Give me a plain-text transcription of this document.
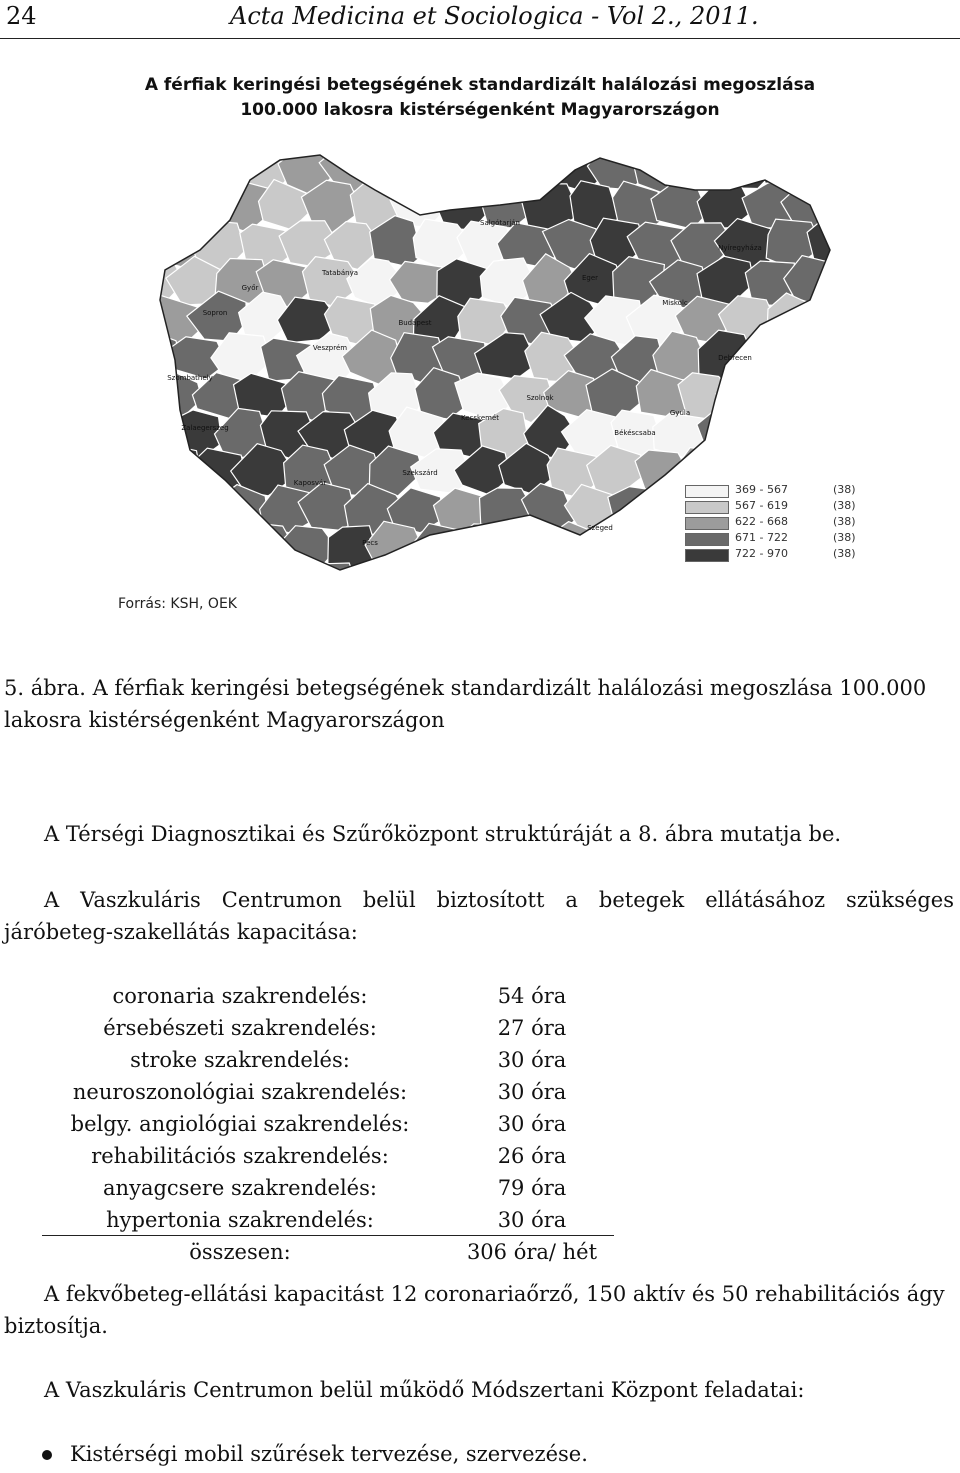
24	Acta Medicina et Sociologica - Vol 2., 2011.
A férfiak keringési betegségének standardizált halálozási megoszlása
100.000 lakosra kistérségenként Magyarországon
Budapest
Szeged
Pécs
Győr
Miskolc
Debrecen
Sopron
Kecskemét
Szombathely
Nyíregyháza
Eger
Szolnok
Békéscsaba
Kaposvár
Veszprém
Zalaegerszeg
Tatabánya
Salgótarján
Szekszárd
Gyula
369 - 567	(38)
567 - 619	(38)
622 - 668	(38)
671 - 722	(38)
722 - 970	(38)
Forrás: KSH, OEK
5. ábra. A férfiak keringési betegségének standardizált halálozási megoszlása 100.000 lakosra kistérségenként Magyarországon
A Térségi Diagnosztikai és Szűrőközpont struktúráját a 8. ábra mutatja be.
A Vaszkuláris Centrumon belül biztosított a betegek ellátásához szükséges járóbeteg-szakellátás kapacitása:
coronaria szakrendelés:	54 óra
érsebészeti szakrendelés:	27 óra
stroke szakrendelés:	30 óra
neuroszonológiai szakrendelés:	30 óra
belgy. angiológiai szakrendelés:	30 óra
rehabilitációs szakrendelés:	26 óra
anyagcsere szakrendelés:	79 óra
hypertonia szakrendelés:	30 óra
összesen:	306 óra/ hét
A fekvőbeteg-ellátási kapacitást 12 coronariaőrző, 150 aktív és 50 rehabilitációs ágy biztosítja.
A Vaszkuláris Centrumon belül működő Módszertani Központ feladatai:
Kistérségi mobil szűrések tervezése, szervezése.
